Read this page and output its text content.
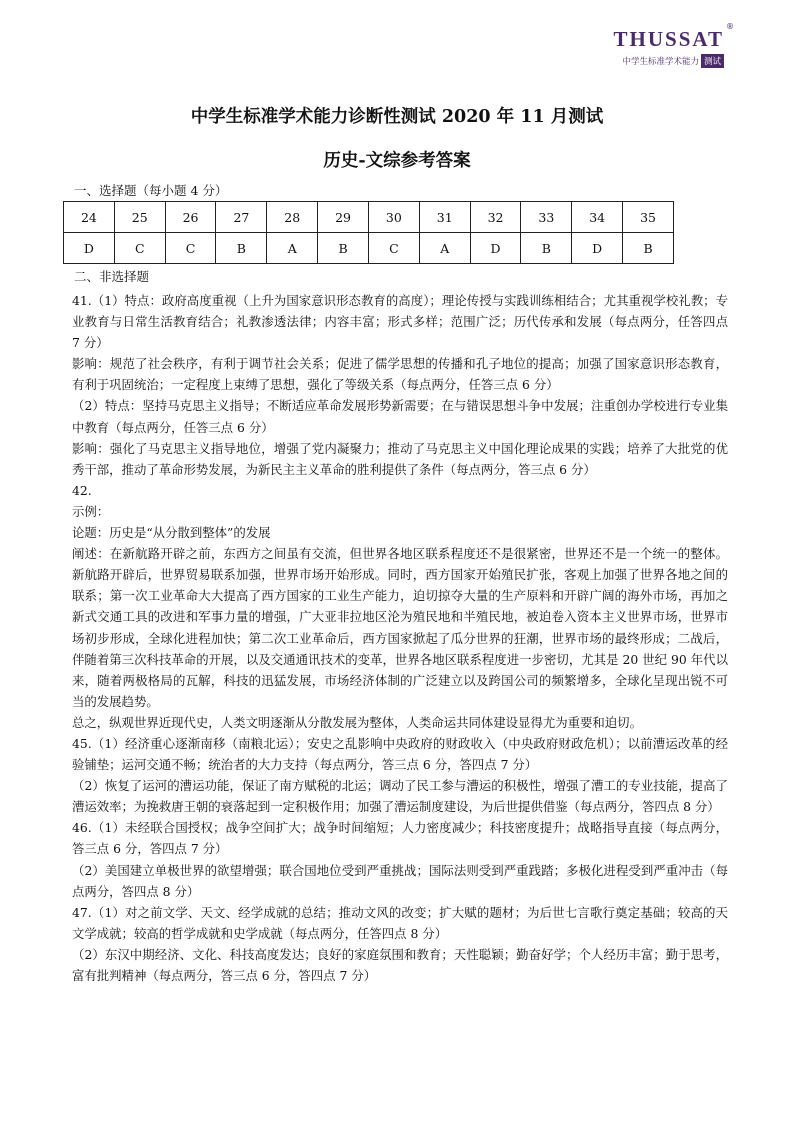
THUSSAT
中学生标准学术能力 测试
®
中学生标准学术能力诊断性测试 2020 年 11 月测试
历史-文综参考答案
一、选择题（每小题 4 分）
24	25	26	27	28	29	30	31	32	33	34	35
D	C	C	B	A	B	C	A	D	B	D	B
二、非选择题

41.（1）特点：政府高度重视（上升为国家意识形态教育的高度）；理论传授与实践训练相结合；尤其重视学校礼教；专业教育与日常生活教育结合；礼教渗透法律；内容丰富；形式多样；范围广泛；历代传承和发展（每点两分，任答四点 7 分）

影响：规范了社会秩序，有利于调节社会关系；促进了儒学思想的传播和孔子地位的提高；加强了国家意识形态教育，有利于巩固统治；一定程度上束缚了思想，强化了等级关系（每点两分，任答三点 6 分）

（2）特点：坚持马克思主义指导；不断适应革命发展形势新需要；在与错误思想斗争中发展；注重创办学校进行专业集中教育（每点两分，任答三点 6 分）

影响：强化了马克思主义指导地位，增强了党内凝聚力；推动了马克思主义中国化理论成果的实践；培养了大批党的优秀干部，推动了革命形势发展，为新民主主义革命的胜利提供了条件（每点两分，答三点 6 分）

42.

示例：

论题：历史是“从分散到整体”的发展

阐述：在新航路开辟之前，东西方之间虽有交流，但世界各地区联系程度还不是很紧密，世界还不是一个统一的整体。新航路开辟后，世界贸易联系加强，世界市场开始形成。同时，西方国家开始殖民扩张，客观上加强了世界各地之间的联系；第一次工业革命大大提高了西方国家的工业生产能力，迫切掠夺大量的生产原料和开辟广阔的海外市场，再加之新式交通工具的改进和军事力量的增强，广大亚非拉地区沦为殖民地和半殖民地，被迫卷入资本主义世界市场，世界市场初步形成，全球化进程加快；第二次工业革命后，西方国家掀起了瓜分世界的狂潮，世界市场的最终形成；二战后，伴随着第三次科技革命的开展，以及交通通讯技术的变革，世界各地区联系程度进一步密切，尤其是 20 世纪 90 年代以来，随着两极格局的瓦解，科技的迅猛发展，市场经济体制的广泛建立以及跨国公司的频繁增多，全球化呈现出锐不可当的发展趋势。

总之，纵观世界近现代史，人类文明逐渐从分散发展为整体，人类命运共同体建设显得尤为重要和迫切。

45.（1）经济重心逐渐南移（南粮北运）；安史之乱影响中央政府的财政收入（中央政府财政危机）；以前漕运改革的经验铺垫；运河交通不畅；统治者的大力支持（每点两分，答三点 6 分，答四点 7 分）

（2）恢复了运河的漕运功能，保证了南方赋税的北运；调动了民工参与漕运的积极性，增强了漕工的专业技能，提高了漕运效率；为挽救唐王朝的衰落起到一定积极作用；加强了漕运制度建设，为后世提供借鉴（每点两分，答四点 8 分）

46.（1）未经联合国授权；战争空间扩大；战争时间缩短；人力密度减少；科技密度提升；战略指导直接（每点两分，答三点 6 分，答四点 7 分）

（2）美国建立单极世界的欲望增强；联合国地位受到严重挑战；国际法则受到严重践踏；多极化进程受到严重冲击（每点两分，答四点 8 分）

47.（1）对之前文学、天文、经学成就的总结；推动文风的改变；扩大赋的题材；为后世七言歌行奠定基础；较高的天文学成就；较高的哲学成就和史学成就（每点两分，任答四点 8 分）

（2）东汉中期经济、文化、科技高度发达；良好的家庭氛围和教育；天性聪颖；勤奋好学；个人经历丰富；勤于思考，富有批判精神（每点两分，答三点 6 分，答四点 7 分）
